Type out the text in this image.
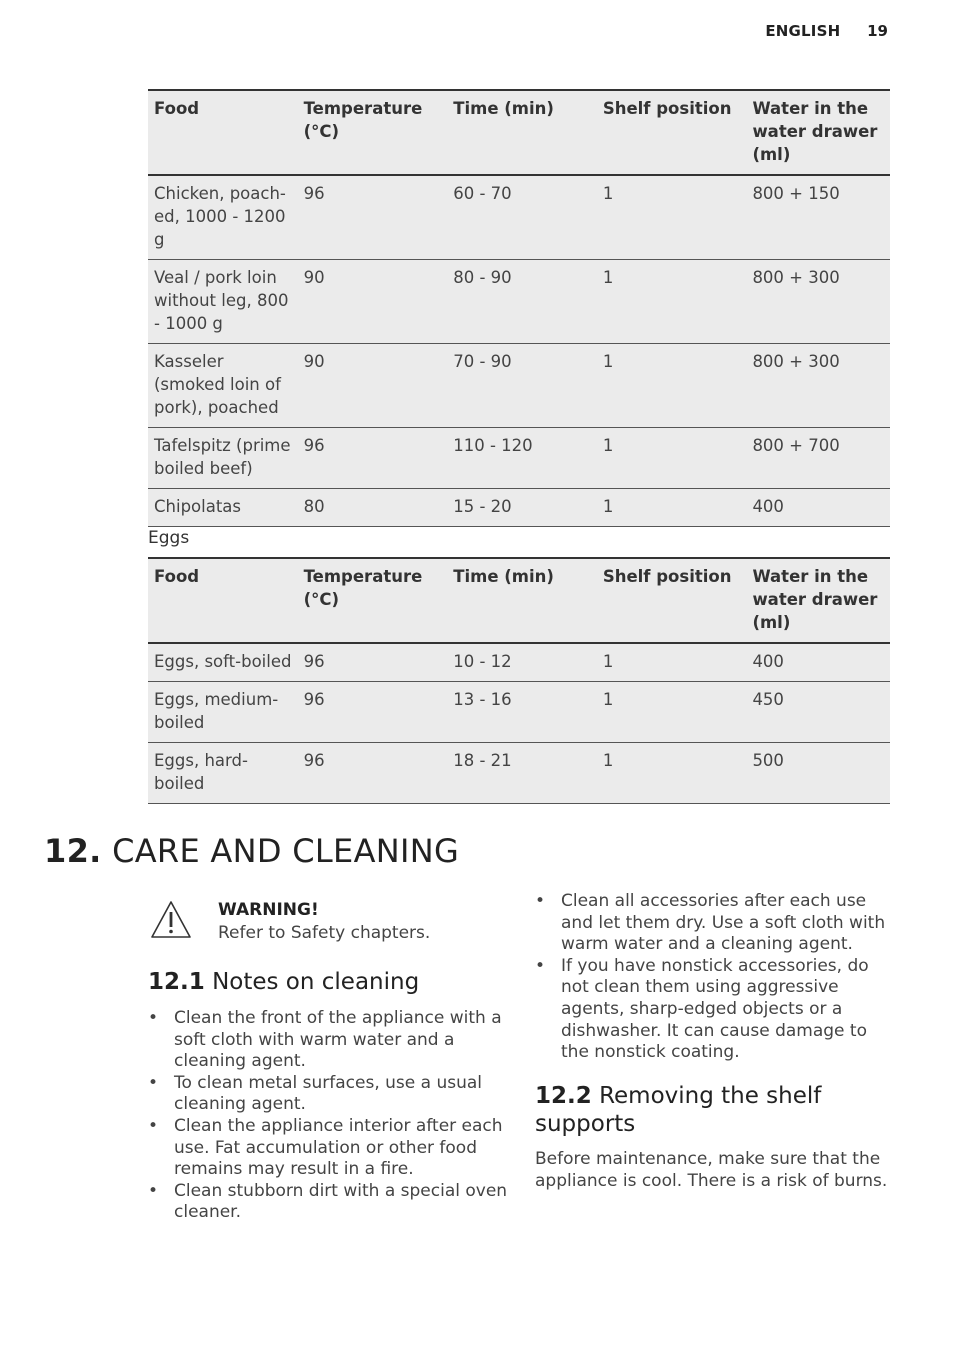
ENGLISH 19
Food	Temperature (°C)	Time (min)	Shelf position	Water in the water drawer (ml)
Chicken, poach-ed, 1000 - 1200 g	96	60 - 70	1	800 + 150
Veal / pork loin without leg, 800 - 1000 g	90	80 - 90	1	800 + 300
Kasseler (smoked loin of pork), poached	90	70 - 90	1	800 + 300
Tafelspitz (prime boiled beef)	96	110 - 120	1	800 + 700
Chipolatas	80	15 - 20	1	400
Eggs
Food	Temperature (°C)	Time (min)	Shelf position	Water in the water drawer (ml)
Eggs, soft-boiled	96	10 - 12	1	400
Eggs, medium-boiled	96	13 - 16	1	450
Eggs, hard-boiled	96	18 - 21	1	500
12. CARE AND CLEANING
WARNING!
Refer to Safety chapters.
12.1 Notes on cleaning
• Clean the front of the appliance with a soft cloth with warm water and a cleaning agent.
• To clean metal surfaces, use a usual cleaning agent.
• Clean the appliance interior after each use. Fat accumulation or other food remains may result in a fire.
• Clean stubborn dirt with a special oven cleaner.
• Clean all accessories after each use and let them dry. Use a soft cloth with warm water and a cleaning agent.
• If you have nonstick accessories, do not clean them using aggressive agents, sharp-edged objects or a dishwasher. It can cause damage to the nonstick coating.
12.2 Removing the shelf supports

Before maintenance, make sure that the appliance is cool. There is a risk of burns.
